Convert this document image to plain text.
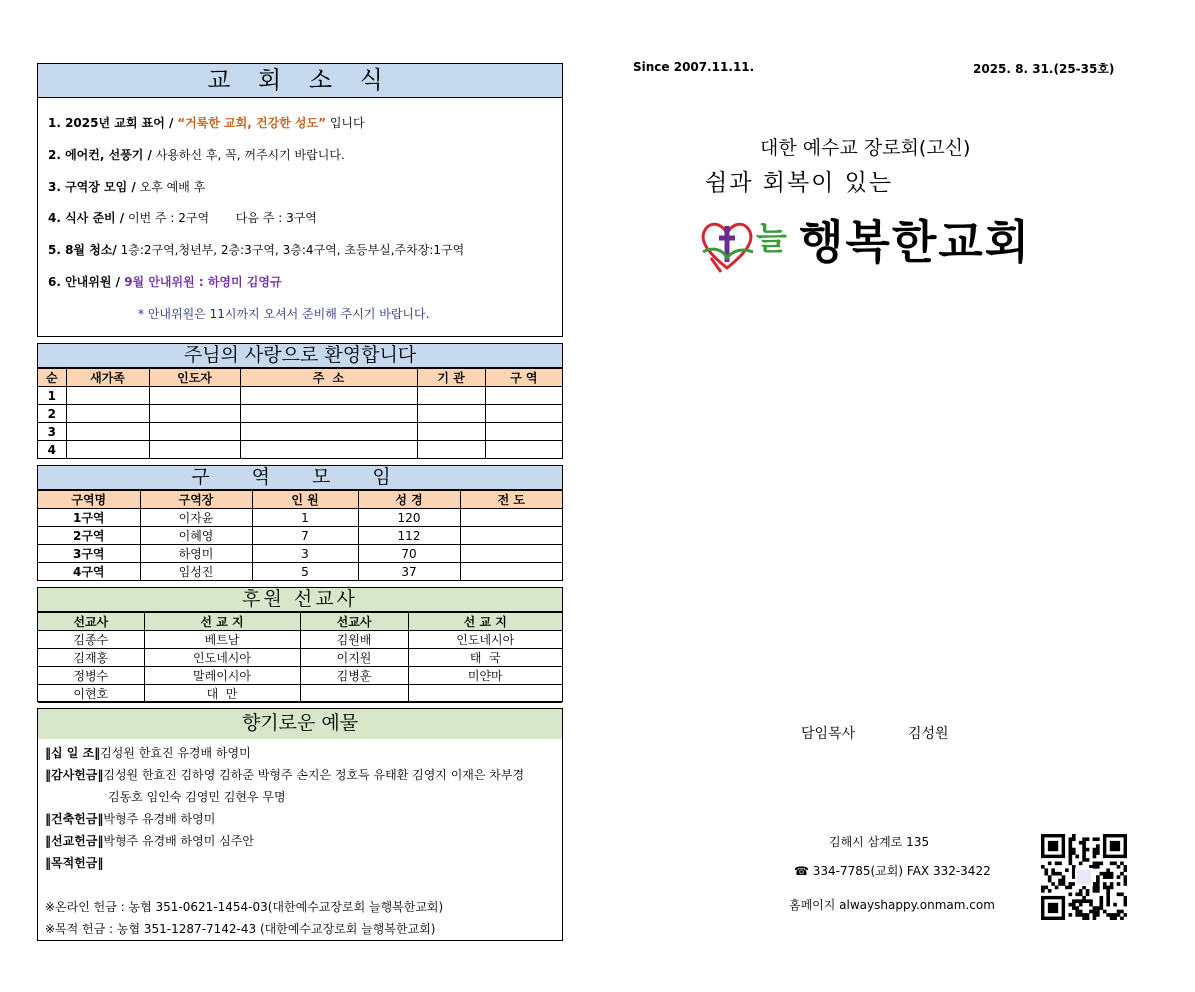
교 회 소 식
1. 2025년 교회 표어 / “거룩한 교회, 건강한 성도” 입니다
2. 에어컨, 선풍기 / 사용하신 후, 꼭, 꺼주시기 바랍니다.
3. 구역장 모임 / 오후 예배 후
4. 식사 준비 / 이번 주 : 2구역       다음 주 : 3구역
5. 8월 청소/ 1층:2구역,청년부, 2층:3구역, 3층:4구역, 초등부실,주차장:1구역
6. 안내위원 / 9월 안내위원 : 하영미 김영규
* 안내위원은 11시까지 오셔서 준비해 주시기 바랍니다.
주님의 사랑으로 환영합니다
순	새가족	인도자	주  소	기 관	구 역
1					
2					
3					
4					
구 역 모 임
구역명	구역장	인 원	성 경	전 도
1구역	이자윤	1	120	
2구역	이혜영	7	112	
3구역	하영미	3	70	
4구역	임성진	5	37	
후원 선교사
선교사	선 교 지	선교사	선 교 지
김종수	베트남	김원배	인도네시아
김재홍	인도네시아	이지원	태  국
정병수	말레이시아	김병훈	미얀마
이현호	대  만		
향기로운 예물
‖십 일 조‖김성원 한효진 유경배 하영미
‖감사헌금‖김성원 한효진 김하영 김하준 박형주 손지은 정호득 유태환 김영지 이재은 차부경
김동호 임인숙 김영민 김현우 무명
‖건축헌금‖박형주 유경배 하영미
‖선교헌금‖박형주 유경배 하영미 심주안
‖목적헌금‖
※온라인 헌금 : 농협 351-0621-1454-03(대한예수교장로회 늘행복한교회)
※목적 헌금 : 농협 351-1287-7142-43 (대한예수교장로회 늘행복한교회)
Since 2007.11.11.	2025. 8. 31.(25-35호)
대한 예수교 장로회(고신)
쉼과 회복이 있는
늘 행복한교회
담임목사	김성원
김해시 삼계로 135
☎ 334-7785(교회) FAX 332-3422
홈페이지 alwayshappy.onmam.com
